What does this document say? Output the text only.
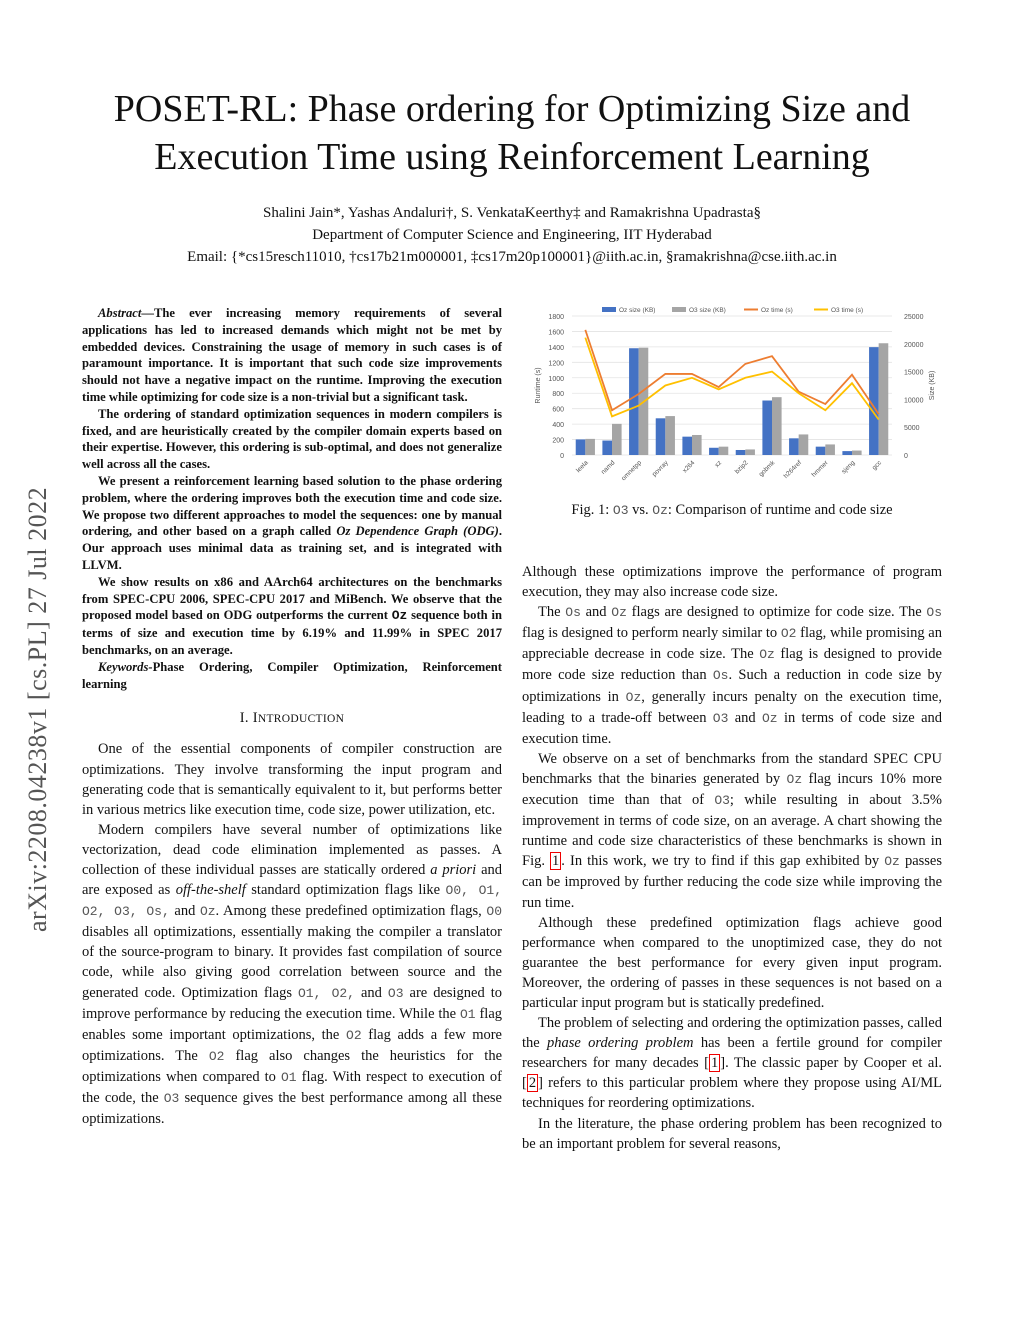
POSET-RL: Phase ordering for Optimizing Size and
Execution Time using Reinforcement Learning
Shalini Jain*, Yashas Andaluri†, S. VenkataKeerthy‡ and Ramakrishna Upadrasta§
Department of Computer Science and Engineering, IIT Hyderabad
Email: {*cs15resch11010, †cs17b21m000001, ‡cs17m20p100001}@iith.ac.in, §ramakrishna@cse.iith.ac.in
arXiv:2208.04238v1 [cs.PL] 27 Jul 2022

Abstract—The ever increasing memory requirements of several applications has led to increased demands which might not be met by embedded devices. Constraining the usage of memory in such cases is of paramount importance. It is important that such code size improvements should not have a negative impact on the runtime. Improving the execution time while optimizing for code size is a non-trivial but a significant task.

The ordering of standard optimization sequences in modern compilers is fixed, and are heuristically created by the compiler domain experts based on their expertise. However, this ordering is sub-optimal, and does not generalize well across all the cases.

We present a reinforcement learning based solution to the phase ordering problem, where the ordering improves both the execution time and code size. We propose two different approaches to model the sequences: one by manual ordering, and other based on a graph called Oz Dependence Graph (ODG). Our approach uses minimal data as training set, and is integrated with LLVM.

We show results on x86 and AArch64 architectures on the benchmarks from SPEC-CPU 2006, SPEC-CPU 2017 and MiBench. We observe that the proposed model based on ODG outperforms the current Oz sequence both in terms of size and execution time by 6.19% and 11.99% in SPEC 2017 benchmarks, on an average.

Keywords-Phase Ordering, Compiler Optimization, Reinforcement learning

I. INTRODUCTION

One of the essential components of compiler construction are optimizations. They involve transforming the input program and generating code that is semantically equivalent to it, but performs better in various metrics like execution time, code size, power utilization, etc.

Modern compilers have several number of optimizations like vectorization, dead code elimination implemented as passes. A collection of these individual passes are statically ordered a priori and are exposed as off-the-shelf standard optimization flags like O0, O1, O2, O3, Os, and Oz. Among these predefined optimization flags, O0 disables all optimizations, essentially making the compiler a translator of the source-program to binary. It provides fast compilation of source code, while also giving good correlation between source and the generated code. Optimization flags O1, O2, and O3 are designed to improve performance by reducing the execution time. While the O1 flag enables some important optimizations, the O2 flag adds a few more optimizations. The O2 flag also changes the heuristics for the optimizations when compared to O1 flag. With respect to execution of the code, the O3 sequence gives the best performance among all these optimizations.

0
200
400
600
800
1000
1200
1400
1600
1800
0
5000
10000
15000
20000
25000
Runtime (s)	Size (KB)
leela namd omnetpp povray x264	xz bzip2 gobmk h264ref hmmer sjeng gcc
Oz size (KB)	O3 size (KB)	Oz time (s)	O3 time (s)
Fig. 1: O3 vs. Oz: Comparison of runtime and code size

Although these optimizations improve the performance of program execution, they may also increase code size.

The Os and Oz flags are designed to optimize for code size. The Os flag is designed to perform nearly similar to O2 flag, while promising an appreciable decrease in code size. The Oz flag is designed to provide more code size reduction than Os. Such a reduction in code size by optimizations in Oz, generally incurs penalty on the execution time, leading to a trade-off between O3 and Oz in terms of code size and execution time.

We observe on a set of benchmarks from the standard SPEC CPU benchmarks that the binaries generated by Oz flag incurs 10% more execution time than that of O3; while resulting in about 3.5% improvement in terms of code size, on an average. A chart showing the runtime and code size characteristics of these benchmarks is shown in Fig. 1 . In this work, we try to find if this gap exhibited by Oz passes can be improved by further reducing the code size while improving the run time.

Although these predefined optimization flags achieve good performance when compared to the unoptimized case, they do not guarantee the best performance for every given input program. Moreover, the ordering of passes in these sequences is not based on a particular input program but is statically predefined.

The problem of selecting and ordering the optimization passes, called the phase ordering problem has been a fertile ground for compiler researchers for many decades [ 1 ]. The classic paper by Cooper et al. [ 2 ] refers to this particular problem where they propose using AI/ML techniques for reordering optimizations.

In the literature, the phase ordering problem has been recognized to be an important problem for several reasons,
